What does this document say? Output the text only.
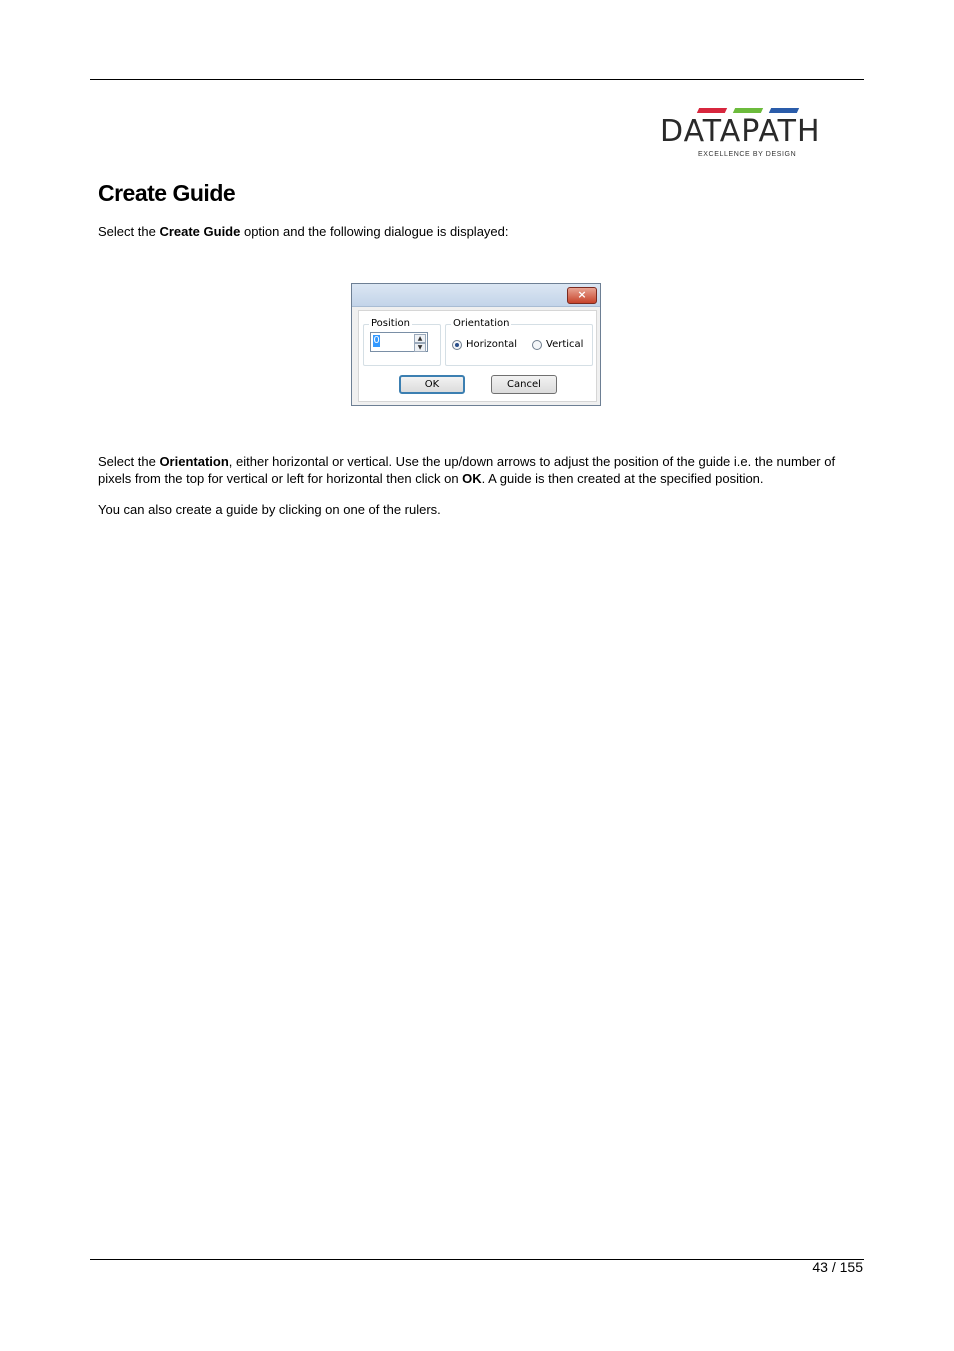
DATAPATH
EXCELLENCE BY DESIGN
Create Guide

Select the Create Guide option and the following dialogue is displayed:

×
Position
0	▲
▼
Orientation
Horizontal	Vertical
OK	Cancel

Select the Orientation, either horizontal or vertical. Use the up/down arrows to adjust the position of the guide i.e. the number of pixels from the top for vertical or left for horizontal then click on OK. A guide is then created at the specified position.

You can also create a guide by clicking on one of the rulers.

43 / 155
